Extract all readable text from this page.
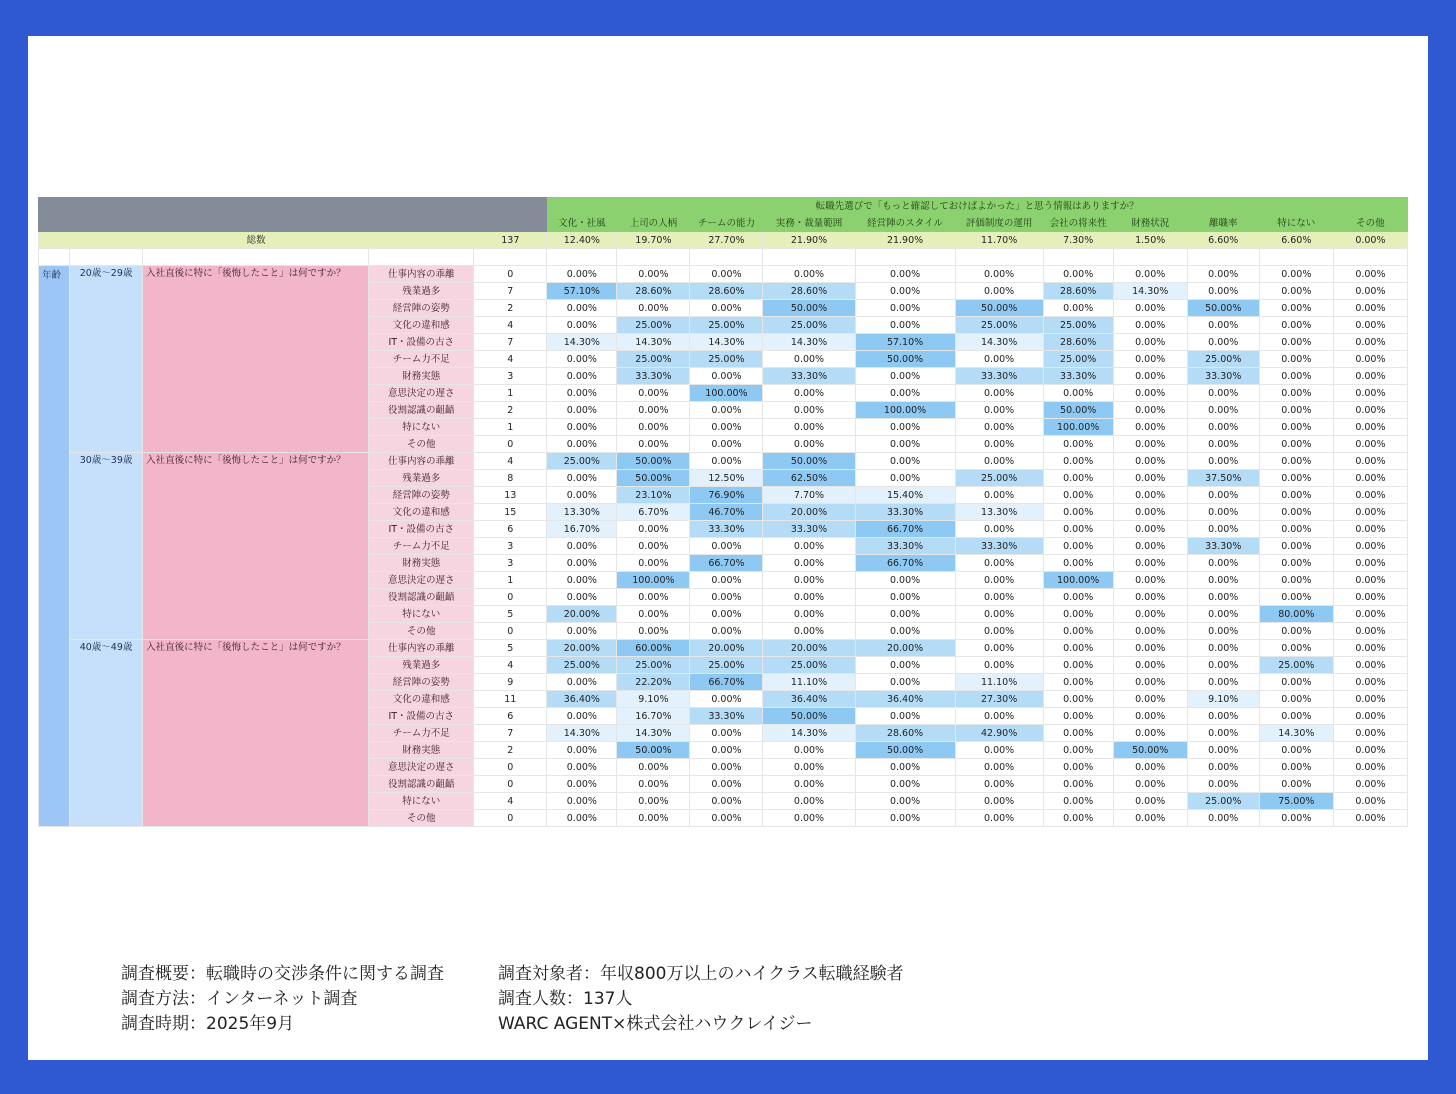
					転職先選びで「もっと確認しておけばよかった」と思う情報はありますか？										
					文化・社風	上司の人柄	チームの能力	実務・裁量範囲	経営陣のスタイル	評価制度の運用	会社の将来性	財務状況	離職率	特にない	その他
総数				137	12.40%	19.70%	27.70%	21.90%	21.90%	11.70%	7.30%	1.50%	6.60%	6.60%	0.00%

年齢	20歳〜29歳	入社直後に特に「後悔したこと」は何ですか？	仕事内容の乖離	0	0.00%	0.00%	0.00%	0.00%	0.00%	0.00%	0.00%	0.00%	0.00%	0.00%	0.00%
			残業過多	7	57.10%	28.60%	28.60%	28.60%	0.00%	0.00%	28.60%	14.30%	0.00%	0.00%	0.00%
			経営陣の姿勢	2	0.00%	0.00%	0.00%	50.00%	0.00%	50.00%	0.00%	0.00%	50.00%	0.00%	0.00%
			文化の違和感	4	0.00%	25.00%	25.00%	25.00%	0.00%	25.00%	25.00%	0.00%	0.00%	0.00%	0.00%
			IT・設備の古さ	7	14.30%	14.30%	14.30%	14.30%	57.10%	14.30%	28.60%	0.00%	0.00%	0.00%	0.00%
			チーム力不足	4	0.00%	25.00%	25.00%	0.00%	50.00%	0.00%	25.00%	0.00%	25.00%	0.00%	0.00%
			財務実態	3	0.00%	33.30%	0.00%	33.30%	0.00%	33.30%	33.30%	0.00%	33.30%	0.00%	0.00%
			意思決定の遅さ	1	0.00%	0.00%	100.00%	0.00%	0.00%	0.00%	0.00%	0.00%	0.00%	0.00%	0.00%
			役割認識の齟齬	2	0.00%	0.00%	0.00%	0.00%	100.00%	0.00%	50.00%	0.00%	0.00%	0.00%	0.00%
			特にない	1	0.00%	0.00%	0.00%	0.00%	0.00%	0.00%	100.00%	0.00%	0.00%	0.00%	0.00%
			その他	0	0.00%	0.00%	0.00%	0.00%	0.00%	0.00%	0.00%	0.00%	0.00%	0.00%	0.00%
	30歳〜39歳	入社直後に特に「後悔したこと」は何ですか？	仕事内容の乖離	4	25.00%	50.00%	0.00%	50.00%	0.00%	0.00%	0.00%	0.00%	0.00%	0.00%	0.00%
			残業過多	8	0.00%	50.00%	12.50%	62.50%	0.00%	25.00%	0.00%	0.00%	37.50%	0.00%	0.00%
			経営陣の姿勢	13	0.00%	23.10%	76.90%	7.70%	15.40%	0.00%	0.00%	0.00%	0.00%	0.00%	0.00%
			文化の違和感	15	13.30%	6.70%	46.70%	20.00%	33.30%	13.30%	0.00%	0.00%	0.00%	0.00%	0.00%
			IT・設備の古さ	6	16.70%	0.00%	33.30%	33.30%	66.70%	0.00%	0.00%	0.00%	0.00%	0.00%	0.00%
			チーム力不足	3	0.00%	0.00%	0.00%	0.00%	33.30%	33.30%	0.00%	0.00%	33.30%	0.00%	0.00%
			財務実態	3	0.00%	0.00%	66.70%	0.00%	66.70%	0.00%	0.00%	0.00%	0.00%	0.00%	0.00%
			意思決定の遅さ	1	0.00%	100.00%	0.00%	0.00%	0.00%	0.00%	100.00%	0.00%	0.00%	0.00%	0.00%
			役割認識の齟齬	0	0.00%	0.00%	0.00%	0.00%	0.00%	0.00%	0.00%	0.00%	0.00%	0.00%	0.00%
			特にない	5	20.00%	0.00%	0.00%	0.00%	0.00%	0.00%	0.00%	0.00%	0.00%	80.00%	0.00%
			その他	0	0.00%	0.00%	0.00%	0.00%	0.00%	0.00%	0.00%	0.00%	0.00%	0.00%	0.00%
	40歳〜49歳	入社直後に特に「後悔したこと」は何ですか？	仕事内容の乖離	5	20.00%	60.00%	20.00%	20.00%	20.00%	0.00%	0.00%	0.00%	0.00%	0.00%	0.00%
			残業過多	4	25.00%	25.00%	25.00%	25.00%	0.00%	0.00%	0.00%	0.00%	0.00%	25.00%	0.00%
			経営陣の姿勢	9	0.00%	22.20%	66.70%	11.10%	0.00%	11.10%	0.00%	0.00%	0.00%	0.00%	0.00%
			文化の違和感	11	36.40%	9.10%	0.00%	36.40%	36.40%	27.30%	0.00%	0.00%	9.10%	0.00%	0.00%
			IT・設備の古さ	6	0.00%	16.70%	33.30%	50.00%	0.00%	0.00%	0.00%	0.00%	0.00%	0.00%	0.00%
			チーム力不足	7	14.30%	14.30%	0.00%	14.30%	28.60%	42.90%	0.00%	0.00%	0.00%	14.30%	0.00%
			財務実態	2	0.00%	50.00%	0.00%	0.00%	50.00%	0.00%	0.00%	50.00%	0.00%	0.00%	0.00%
			意思決定の遅さ	0	0.00%	0.00%	0.00%	0.00%	0.00%	0.00%	0.00%	0.00%	0.00%	0.00%	0.00%
			役割認識の齟齬	0	0.00%	0.00%	0.00%	0.00%	0.00%	0.00%	0.00%	0.00%	0.00%	0.00%	0.00%
			特にない	4	0.00%	0.00%	0.00%	0.00%	0.00%	0.00%	0.00%	0.00%	25.00%	75.00%	0.00%
			その他	0	0.00%	0.00%	0.00%	0.00%	0.00%	0.00%	0.00%	0.00%	0.00%	0.00%	0.00%
調査概要：転職時の交渉条件に関する調査	調査対象者：年収800万以上のハイクラス転職経験者
調査方法：インターネット調査	調査人数：137人
調査時期：2025年9月	WARC AGENT×株式会社ハウクレイジー
